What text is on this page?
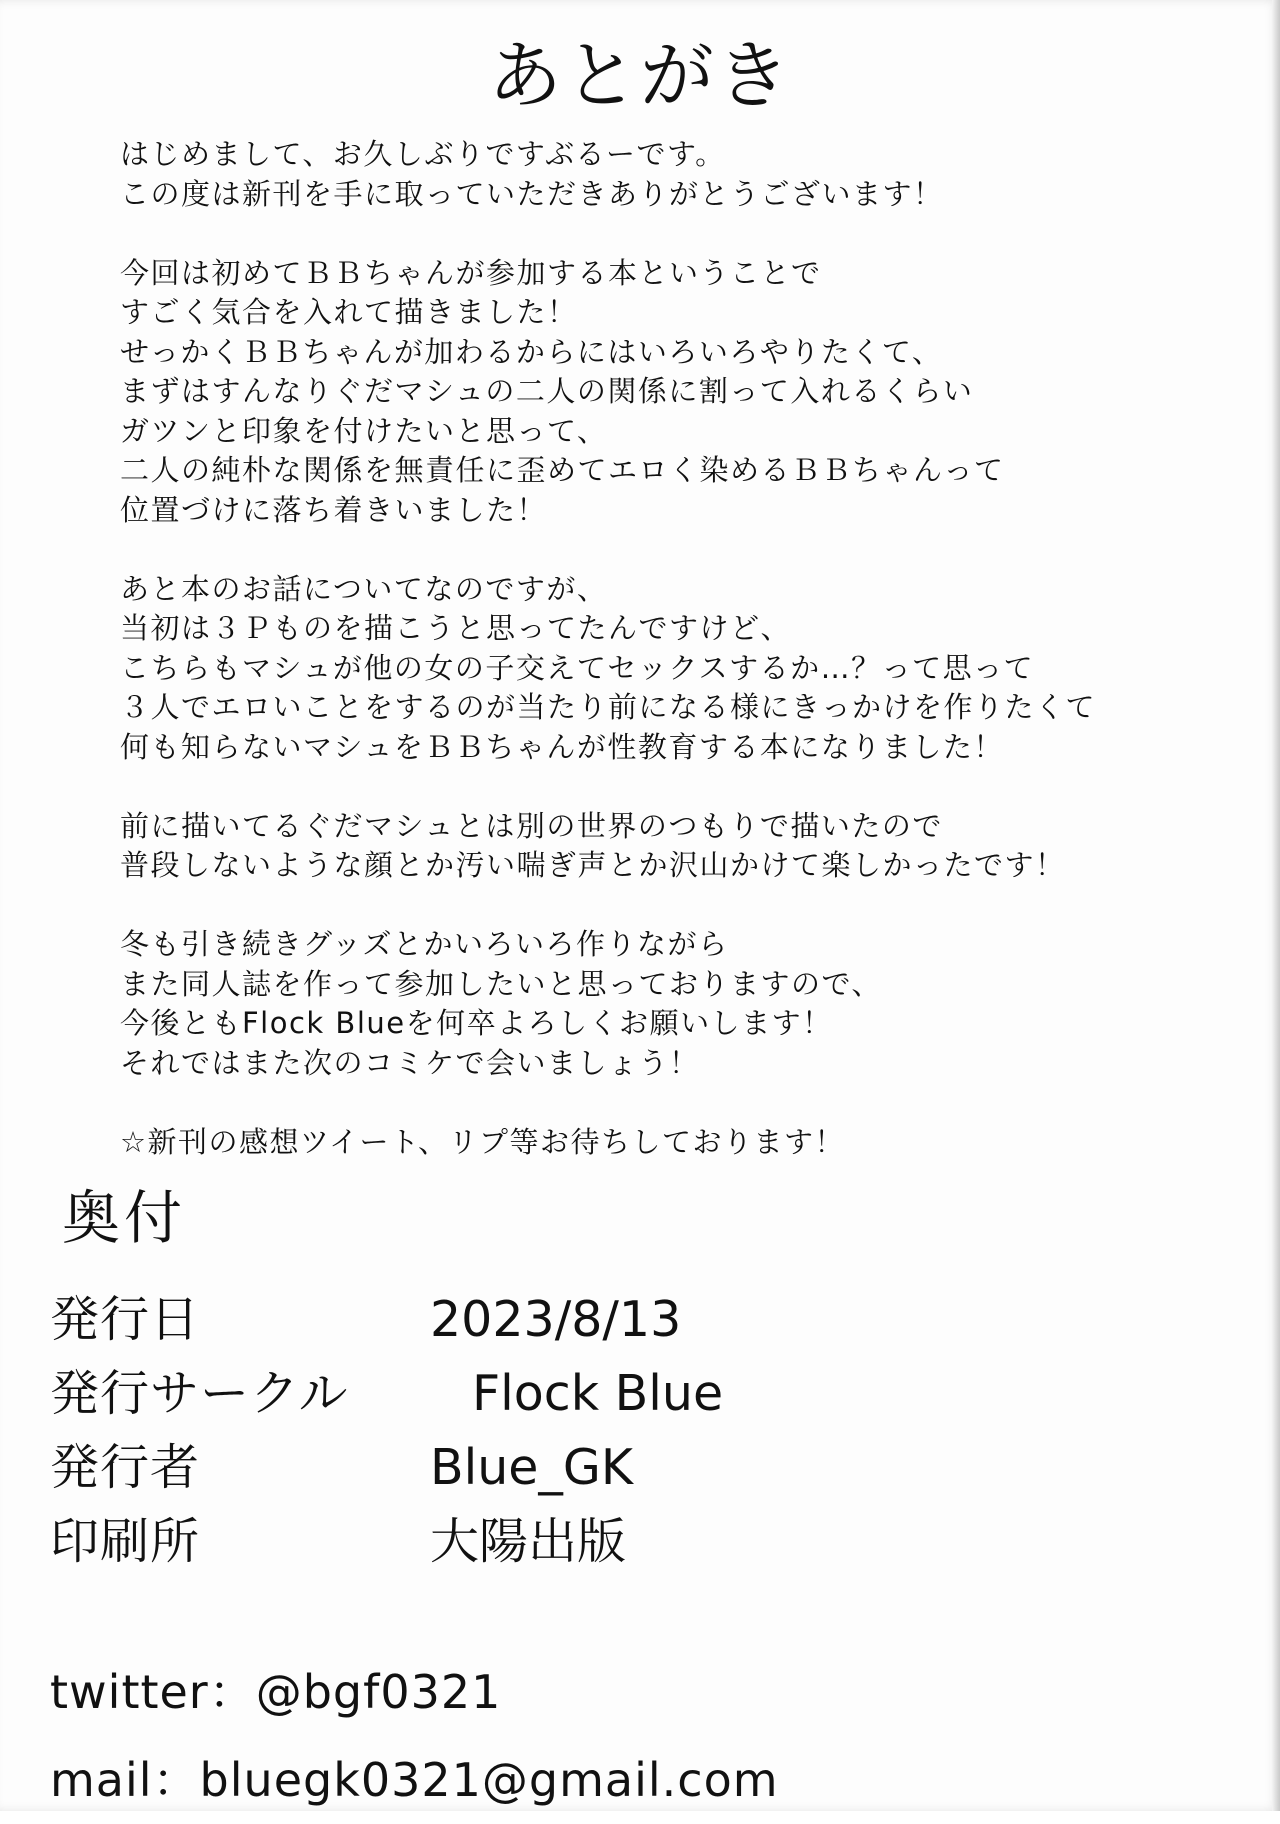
あとがき
はじめまして、お久しぶりですぶるーです。
この度は新刊を手に取っていただきありがとうございます！
今回は初めてＢＢちゃんが参加する本ということで
すごく気合を入れて描きました！
せっかくＢＢちゃんが加わるからにはいろいろやりたくて、
まずはすんなりぐだマシュの二人の関係に割って入れるくらい
ガツンと印象を付けたいと思って、
二人の純朴な関係を無責任に歪めてエロく染めるＢＢちゃんって
位置づけに落ち着きいました！
あと本のお話についてなのですが、
当初は３Ｐものを描こうと思ってたんですけど、
こちらもマシュが他の女の子交えてセックスするか…？って思って
３人でエロいことをするのが当たり前になる様にきっかけを作りたくて
何も知らないマシュをＢＢちゃんが性教育する本になりました！
前に描いてるぐだマシュとは別の世界のつもりで描いたので
普段しないような顔とか汚い喘ぎ声とか沢山かけて楽しかったです！
冬も引き続きグッズとかいろいろ作りながら
また同人誌を作って参加したいと思っておりますので、
今後ともFlock Blueを何卒よろしくお願いします！
それではまた次のコミケで会いましょう！
☆新刊の感想ツイート、リプ等お待ちしております！
奥付
発行日	2023/8/13
発行サークル	Flock Blue
発行者	Blue_GK
印刷所	大陽出版
twitter：@bgf0321
mail：bluegk0321@gmail.com
